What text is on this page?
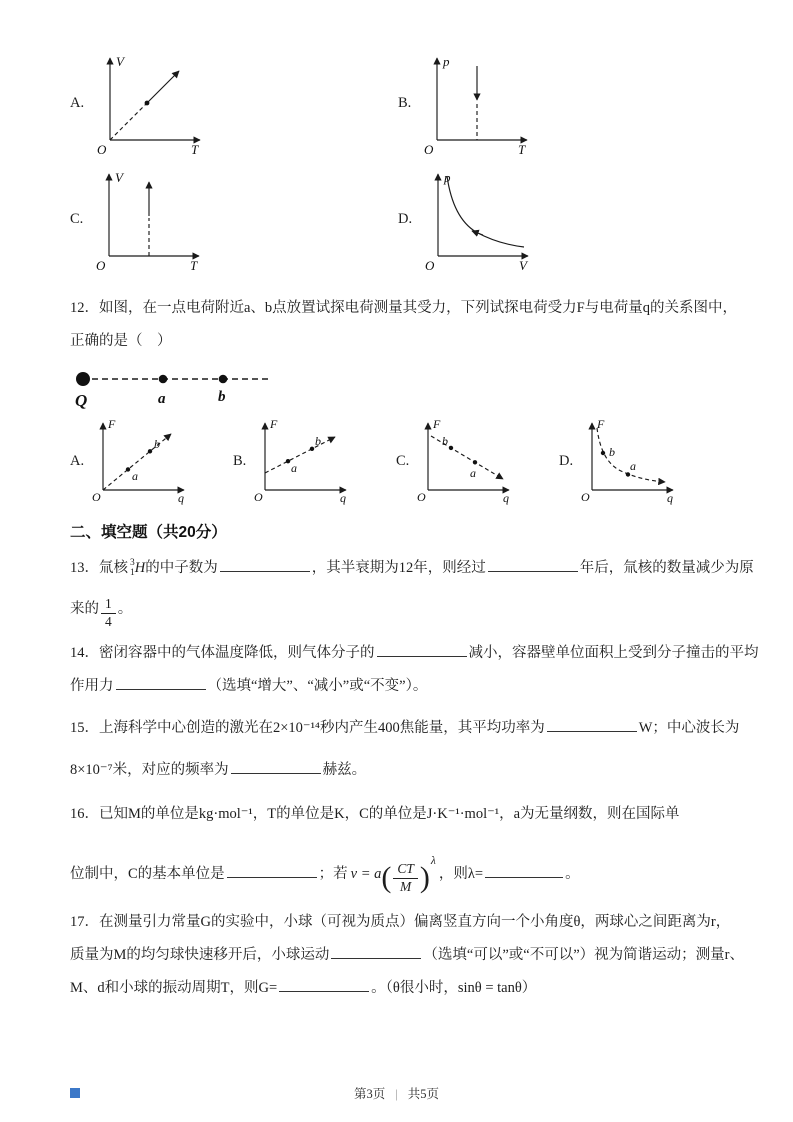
A.
V
T
O
B.
p
T
O
C.
V
T
O
D.
p
V
O
12．如图，在一点电荷附近a、b点放置试探电荷测量其受力，下列试探电荷受力F与电荷量q的关系图中，
正确的是（　）
Q	a	b
A.
F
q
O
a
b
B.
F
q
O
a
b
C.
F
q
O
b
a
D.
F
q
O
b
a
二、填空题（共20分）
13．氚核 3
1 H的中子数为	，其半衰期为12年，则经过	年后，氚核的数量减少为原
来的 $\frac{1}{4}$ 。
14．密闭容器中的气体温度降低，则气体分子的	减小，容器壁单位面积上受到分子撞击的平均
作用力	（选填“增大”、“减小”或“不变”）。
15．上海科学中心创造的激光在2×10⁻¹⁴秒内产生400焦能量，其平均功率为	W；中心波长为
8×10⁻⁷米，对应的频率为	赫兹。
16．已知M的单位是kg·mol⁻¹，T的单位是K，C的单位是J·K⁻¹·mol⁻¹，a为无量纲数，则在国际单
位制中，C的基本单位是	；若 $v = a( \frac{CT}{M} )^\lambda$，则λ=	。
17．在测量引力常量G的实验中，小球（可视为质点）偏离竖直方向一个小角度θ，两球心之间距离为r，
质量为M的均匀球快速移开后，小球运动	（选填“可以”或“不可以”）视为简谐运动；测量r、
M、d和小球的振动周期T，则G=	。（θ很小时，sinθ = tanθ）
第3页 | 共5页
